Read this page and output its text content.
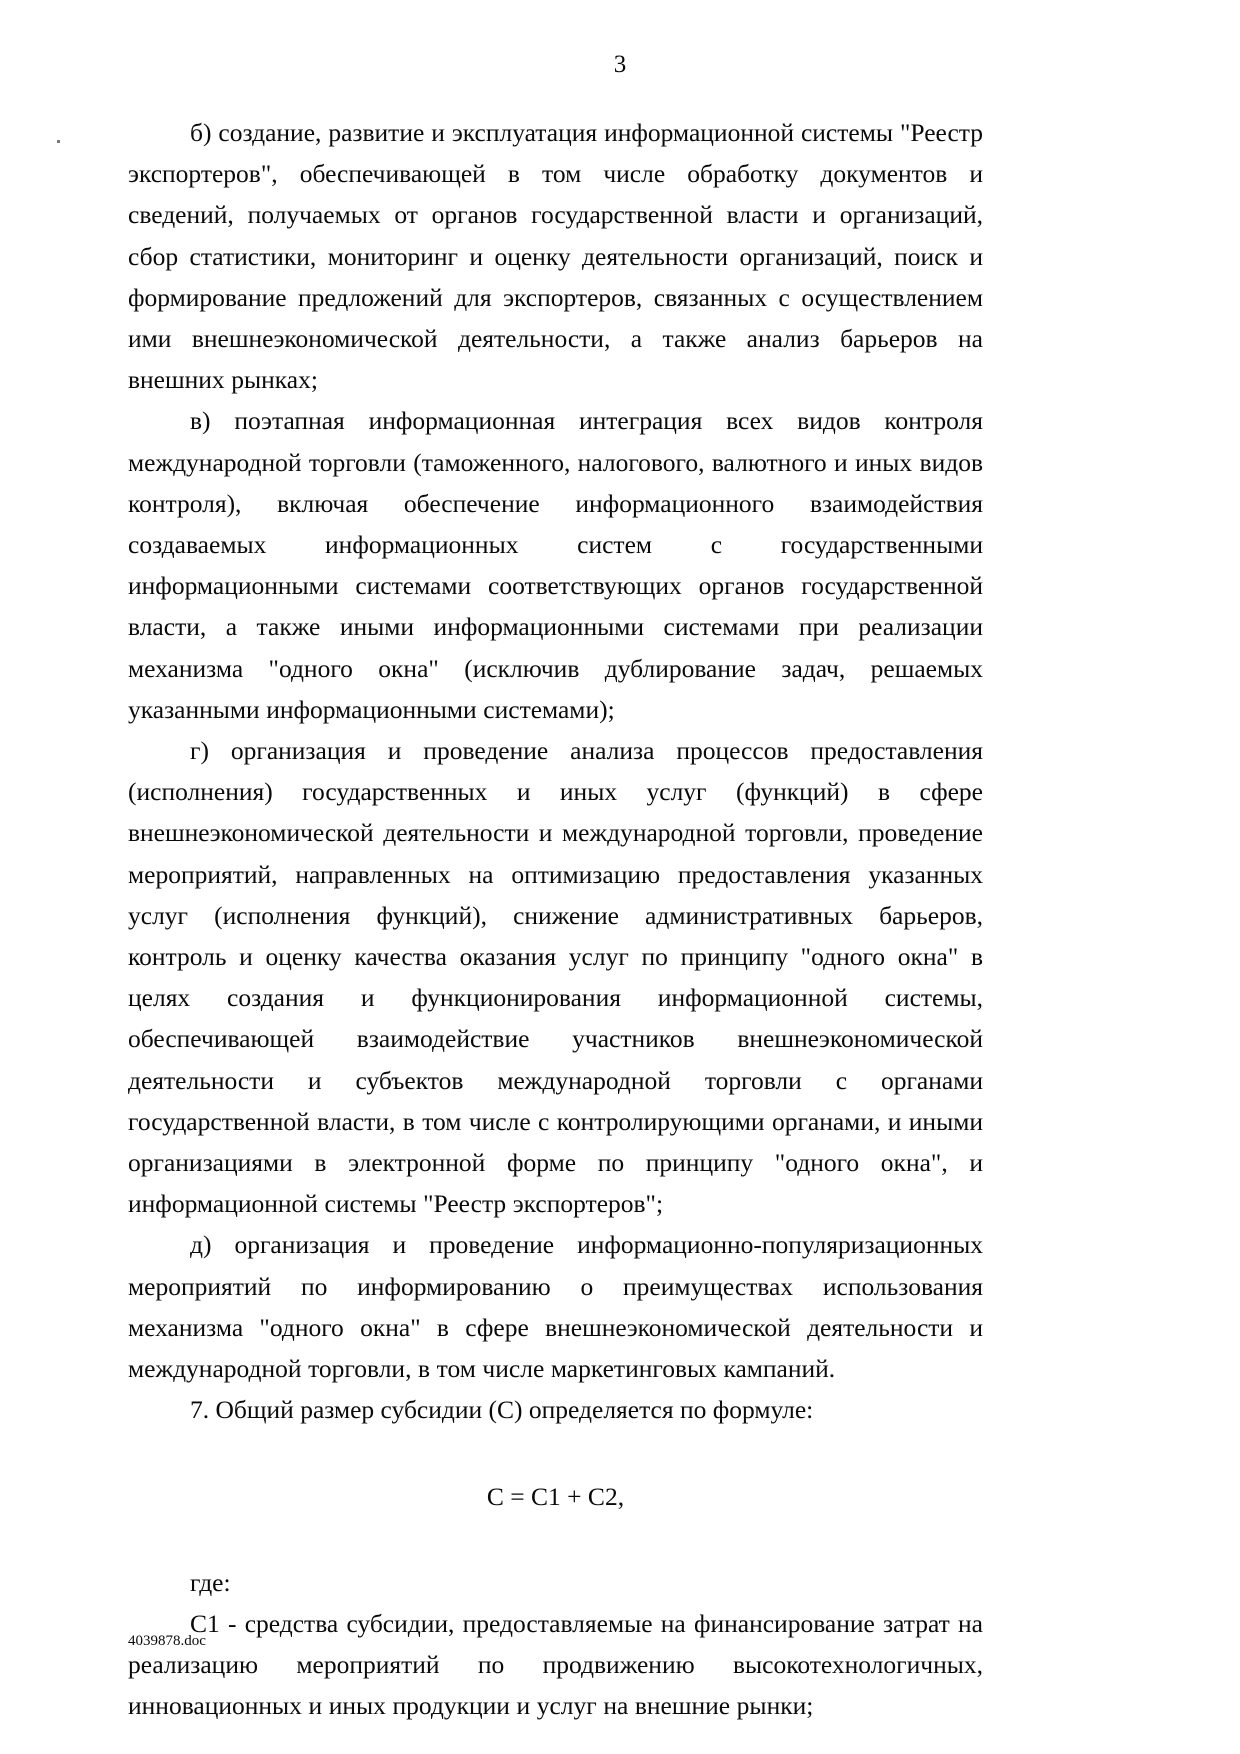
3

б) создание, развитие и эксплуатация информационной системы "Реестр экспортеров", обеспечивающей в том числе обработку документов и сведений, получаемых от органов государственной власти и организаций, сбор статистики, мониторинг и оценку деятельности организаций, поиск и формирование предложений для экспортеров, связанных с осуществлением ими внешнеэкономической деятельности, а также анализ барьеров на внешних рынках;

в) поэтапная информационная интеграция всех видов контроля международной торговли (таможенного, налогового, валютного и иных видов контроля), включая обеспечение информационного взаимодействия создаваемых информационных систем с государственными информационными системами соответствующих органов государственной власти, а также иными информационными системами при реализации механизма "одного окна" (исключив дублирование задач, решаемых указанными информационными системами);

г) организация и проведение анализа процессов предоставления (исполнения) государственных и иных услуг (функций) в сфере внешнеэкономической деятельности и международной торговли, проведение мероприятий, направленных на оптимизацию предоставления указанных услуг (исполнения функций), снижение административных барьеров, контроль и оценку качества оказания услуг по принципу "одного окна" в целях создания и функционирования информационной системы, обеспечивающей взаимодействие участников внешнеэкономической деятельности и субъектов международной торговли с органами государственной власти, в том числе с контролирующими органами, и иными организациями в электронной форме по принципу "одного окна", и информационной системы "Реестр экспортеров";

д) организация и проведение информационно-популяризационных мероприятий по информированию о преимуществах использования механизма "одного окна" в сфере внешнеэкономической деятельности и международной торговли, в том числе маркетинговых кампаний.

7. Общий размер субсидии (С) определяется по формуле:

С = С1 + С2,

где:

С1 - средства субсидии, предоставляемые на финансирование затрат на реализацию мероприятий по продвижению высокотехнологичных, инновационных и иных продукции и услуг на внешние рынки;

4039878.doc
